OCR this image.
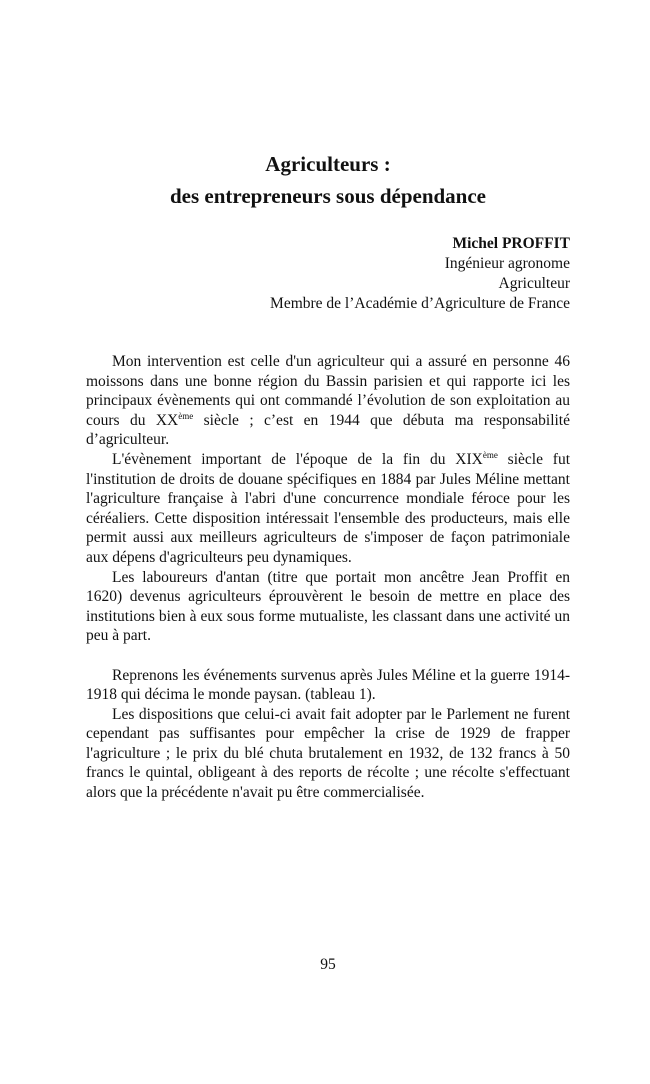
Agriculteurs :
des entrepreneurs sous dépendance
Michel PROFFIT
Ingénieur agronome
Agriculteur
Membre de l’Académie d’Agriculture de France

Mon intervention est celle d'un agriculteur qui a assuré en personne 46 moissons dans une bonne région du Bassin parisien et qui rapporte ici les principaux évènements qui ont commandé l’évolution de son exploitation au cours du XXème siècle ; c’est en 1944 que débuta ma responsabilité d’agriculteur.

L'évènement important de l'époque de la fin du XIXème siècle fut l'institution de droits de douane spécifiques en 1884 par Jules Méline mettant l'agriculture française à l'abri d'une concurrence mondiale féroce pour les céréaliers. Cette disposition intéressait l'ensemble des producteurs, mais elle permit aussi aux meilleurs agriculteurs de s'imposer de façon patrimoniale aux dépens d'agriculteurs peu dynamiques.

Les laboureurs d'antan (titre que portait mon ancêtre Jean Proffit en 1620) devenus agriculteurs éprouvèrent le besoin de mettre en place des institutions bien à eux sous forme mutualiste, les classant dans une activité un peu à part.

Reprenons les événements survenus après Jules Méline et la guerre 1914-1918 qui décima le monde paysan. (tableau 1).

Les dispositions que celui-ci avait fait adopter par le Parlement ne furent cependant pas suffisantes pour empêcher la crise de 1929 de frapper l'agriculture ; le prix du blé chuta brutalement en 1932, de 132 francs à 50 francs le quintal, obligeant à des reports de récolte ; une récolte s'effectuant alors que la précédente n'avait pu être commercialisée.

95
